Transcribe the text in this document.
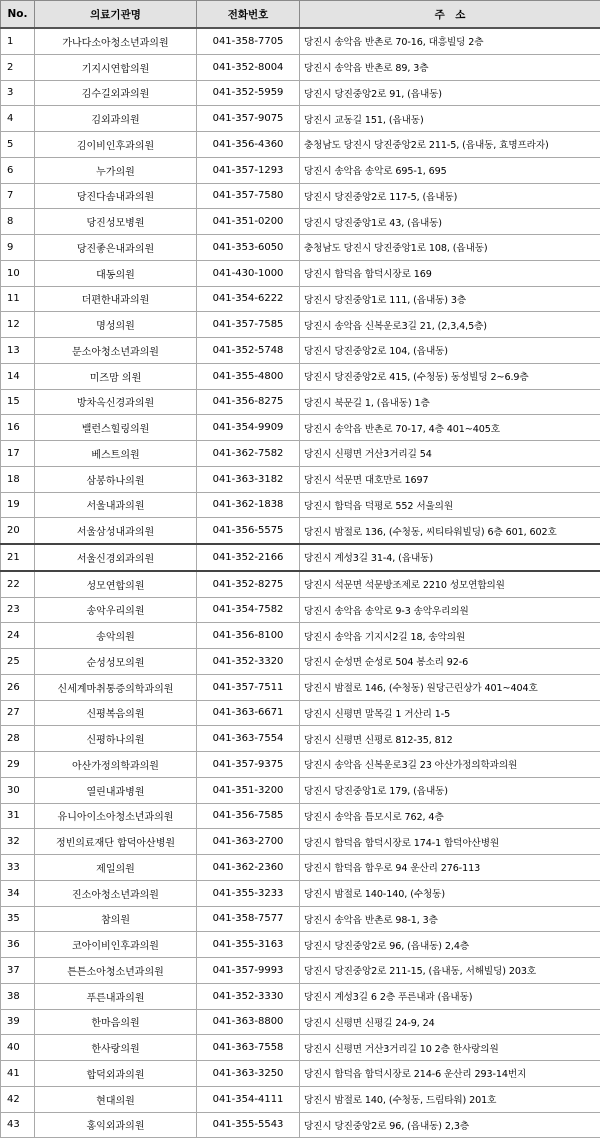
No.	의료기관명	전화번호	주　소
1	가나다소아청소년과의원	041-358-7705	당진시 송악읍 반촌로 70-16, 대흥빌딩 2층
2	기지시연합의원	041-352-8004	당진시 송악읍 반촌로 89, 3층
3	김수길외과의원	041-352-5959	당진시 당진중앙2로 91, (읍내동)
4	김외과의원	041-357-9075	당진시 교동길 151, (읍내동)
5	김이비인후과의원	041-356-4360	충청남도 당진시 당진중앙2로 211-5, (읍내동, 효명프라자)
6	누가의원	041-357-1293	당진시 송악읍 송악로 695-1, 695
7	당진다솜내과의원	041-357-7580	당진시 당진중앙2로 117-5, (읍내동)
8	당진성모병원	041-351-0200	당진시 당진중앙1로 43, (읍내동)
9	당진좋은내과의원	041-353-6050	충청남도 당진시 당진중앙1로 108, (읍내동)
10	대동의원	041-430-1000	당진시 합덕읍 합덕시장로 169
11	더편한내과의원	041-354-6222	당진시 당진중앙1로 111, (읍내동) 3층
12	명성의원	041-357-7585	당진시 송악읍 신복운로3길 21, (2,3,4,5층)
13	문소아청소년과의원	041-352-5748	당진시 당진중앙2로 104, (읍내동)
14	미즈맘 의원	041-355-4800	당진시 당진중앙2로 415, (수청동) 동성빌딩 2~6.9층
15	방차옥신경과의원	041-356-8275	당진시 북문길 1, (읍내동) 1층
16	밸런스힐링의원	041-354-9909	당진시 송악읍 반촌로 70-17, 4층 401~405호
17	베스트의원	041-362-7582	당진시 신평면 거산3거리길 54
18	삼봉하나의원	041-363-3182	당진시 석문면 대호만로 1697
19	서울내과의원	041-362-1838	당진시 합덕읍 덕평로 552 서울의원
20	서울삼성내과의원	041-356-5575	당진시 밤절로 136, (수청동, 씨티타워빌딩) 6층 601, 602호
21	서울신경외과의원	041-352-2166	당진시 계성3길 31-4, (읍내동)
22	성모연합의원	041-352-8275	당진시 석문면 석문방조제로 2210 성모연합의원
23	송악우리의원	041-354-7582	당진시 송악읍 송악로 9-3 송악우리의원
24	송악의원	041-356-8100	당진시 송악읍 기지시2길 18, 송악의원
25	순성성모의원	041-352-3320	당진시 순성면 순성로 504 봉소리 92-6
26	신세계마취통증의학과의원	041-357-7511	당진시 밤절로 146, (수청동) 원당근린상가 401~404호
27	신평복음의원	041-363-6671	당진시 신평면 말목길 1 거산리 1-5
28	신평하나의원	041-363-7554	당진시 신평면 신평로 812-35, 812
29	아산가정의학과의원	041-357-9375	당진시 송악읍 신복운로3길 23 아산가정의학과의원
30	열린내과병원	041-351-3200	당진시 당진중앙1로 179, (읍내동)
31	유니아이소아청소년과의원	041-356-7585	당진시 송악읍 틈모시로 762, 4층
32	정빈의료재단 합덕아산병원	041-363-2700	당진시 합덕읍 합덕시장로 174-1 합덕아산병원
33	제일의원	041-362-2360	당진시 합덕읍 합우로 94 운산리 276-113
34	진소아청소년과의원	041-355-3233	당진시 밤절로 140-140, (수청동)
35	참의원	041-358-7577	당진시 송악읍 반촌로 98-1, 3층
36	코아이비인후과의원	041-355-3163	당진시 당진중앙2로 96, (읍내동) 2,4층
37	튼튼소아청소년과의원	041-357-9993	당진시 당진중앙2로 211-15, (읍내동, 서해빌딩) 203호
38	푸른내과의원	041-352-3330	당진시 계성3길 6 2층 푸른내과 (읍내동)
39	한마음의원	041-363-8800	당진시 신평면 신평길 24-9, 24
40	한사랑의원	041-363-7558	당진시 신평면 거산3거리길 10 2층 한사랑의원
41	합덕외과의원	041-363-3250	당진시 합덕읍 합덕시장로 214-6 운산리 293-14번지
42	현대의원	041-354-4111	당진시 밤절로 140, (수청동, 드림타워) 201호
43	홍익외과의원	041-355-5543	당진시 당진중앙2로 96, (읍내동) 2,3층
